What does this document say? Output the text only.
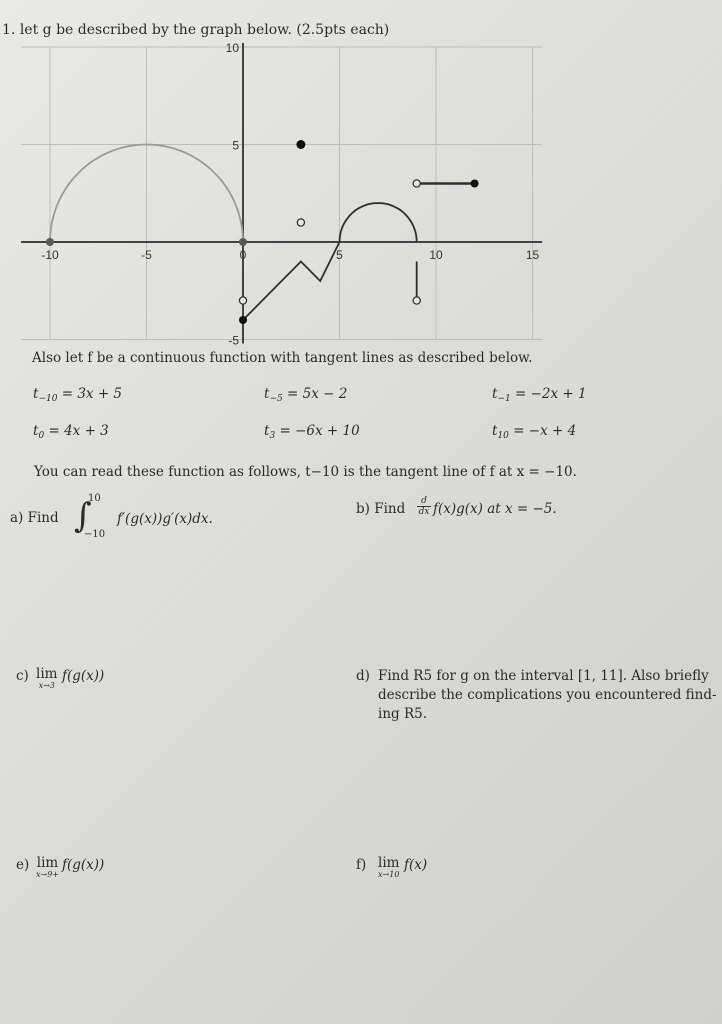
1. let g be described by the graph below. (2.5pts each)
-10	-5	0	5	10	15
10
5
-5
Also let f be a continuous function with tangent lines as described below.
$t_{-10} = 3x + 5$	$t_{-5} = 5x - 2$	$t_{-1} = -2x + 1$
$t_0 = 4x + 3$	$t_3 = -6x + 10$	$t_{10} = -x + 4$
You can read these function as follows, t−10 is the tangent line of f at x = −10.
a) Find ∫
10
−10
f′(g(x))g′(x)dx.
b) Find $\frac{d}{dx} f(x)g(x)$ at x = −5.
c) lim
x→3
f(g(x))	d) Find R5 for g on the interval [1, 11]. Also briefly
describe the complications you encountered find-
ing R5.
e) lim
x→9+
f(g(x))	f) lim
x→10
f(x)
